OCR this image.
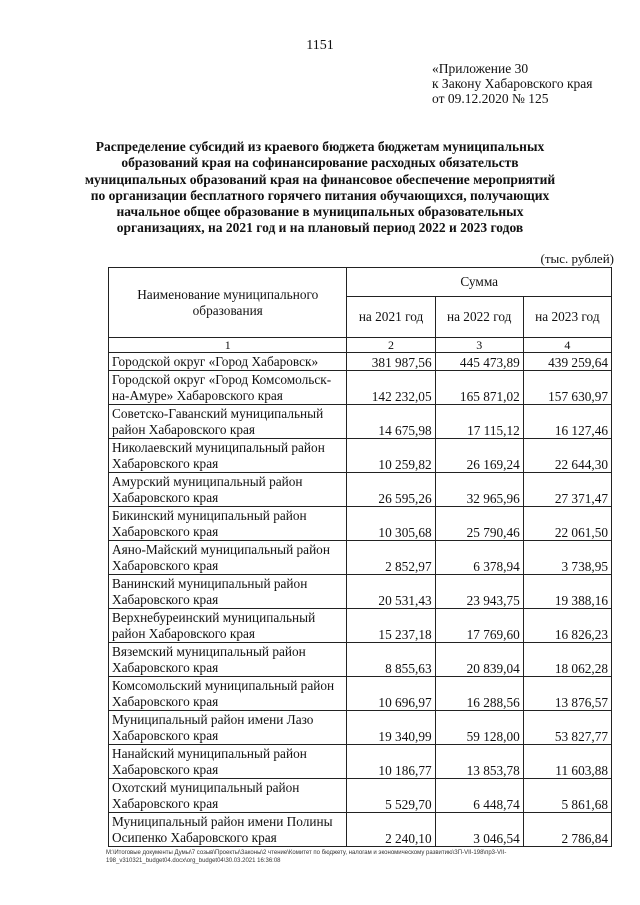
1151
«Приложение 30
к Закону Хабаровского края
от 09.12.2020 № 125
Распределение субсидий из краевого бюджета бюджетам муниципальных
образований края на софинансирование расходных обязательств
муниципальных образований края на финансовое обеспечение мероприятий
по организации бесплатного горячего питания обучающихся, получающих
начальное общее образование в муниципальных образовательных
организациях, на 2021 год и на плановый период 2022 и 2023 годов
(тыс. рублей)
Наименование муниципального образования	Сумма		
	на 2021 год	на 2022 год	на 2023 год
1	2	3	4
Городской округ «Город Хабаровск»	381 987,56	445 473,89	439 259,64
Городской округ «Город Комсомольск-на-Амуре» Хабаровского края	142 232,05	165 871,02	157 630,97
Советско-Гаванский муниципальный район Хабаровского края	14 675,98	17 115,12	16 127,46
Николаевский муниципальный район Хабаровского края	10 259,82	26 169,24	22 644,30
Амурский муниципальный район Хабаровского края	26 595,26	32 965,96	27 371,47
Бикинский муниципальный район Хабаровского края	10 305,68	25 790,46	22 061,50
Аяно-Майский муниципальный район Хабаровского края	2 852,97	6 378,94	3 738,95
Ванинский муниципальный район Хабаровского края	20 531,43	23 943,75	19 388,16
Верхнебуреинский муниципальный район Хабаровского края	15 237,18	17 769,60	16 826,23
Вяземский муниципальный район Хабаровского края	8 855,63	20 839,04	18 062,28
Комсомольский муниципальный район Хабаровского края	10 696,97	16 288,56	13 876,57
Муниципальный район имени Лазо Хабаровского края	19 340,99	59 128,00	53 827,77
Нанайский муниципальный район Хабаровского края	10 186,77	13 853,78	11 603,88
Охотский муниципальный район Хабаровского края	5 529,70	6 448,74	5 861,68
Муниципальный район имени Полины Осипенко Хабаровского края	2 240,10	3 046,54	2 786,84
M:\Итоговые документы Думы\7 созыв\Проекты\Законы\2 чтение\Комитет по бюджету, налогам и экономическому развитию\ЗП-VII-198\пр3-VII-198_v310321_budget04.docx\org_budget04\30.03.2021 16:36:08
